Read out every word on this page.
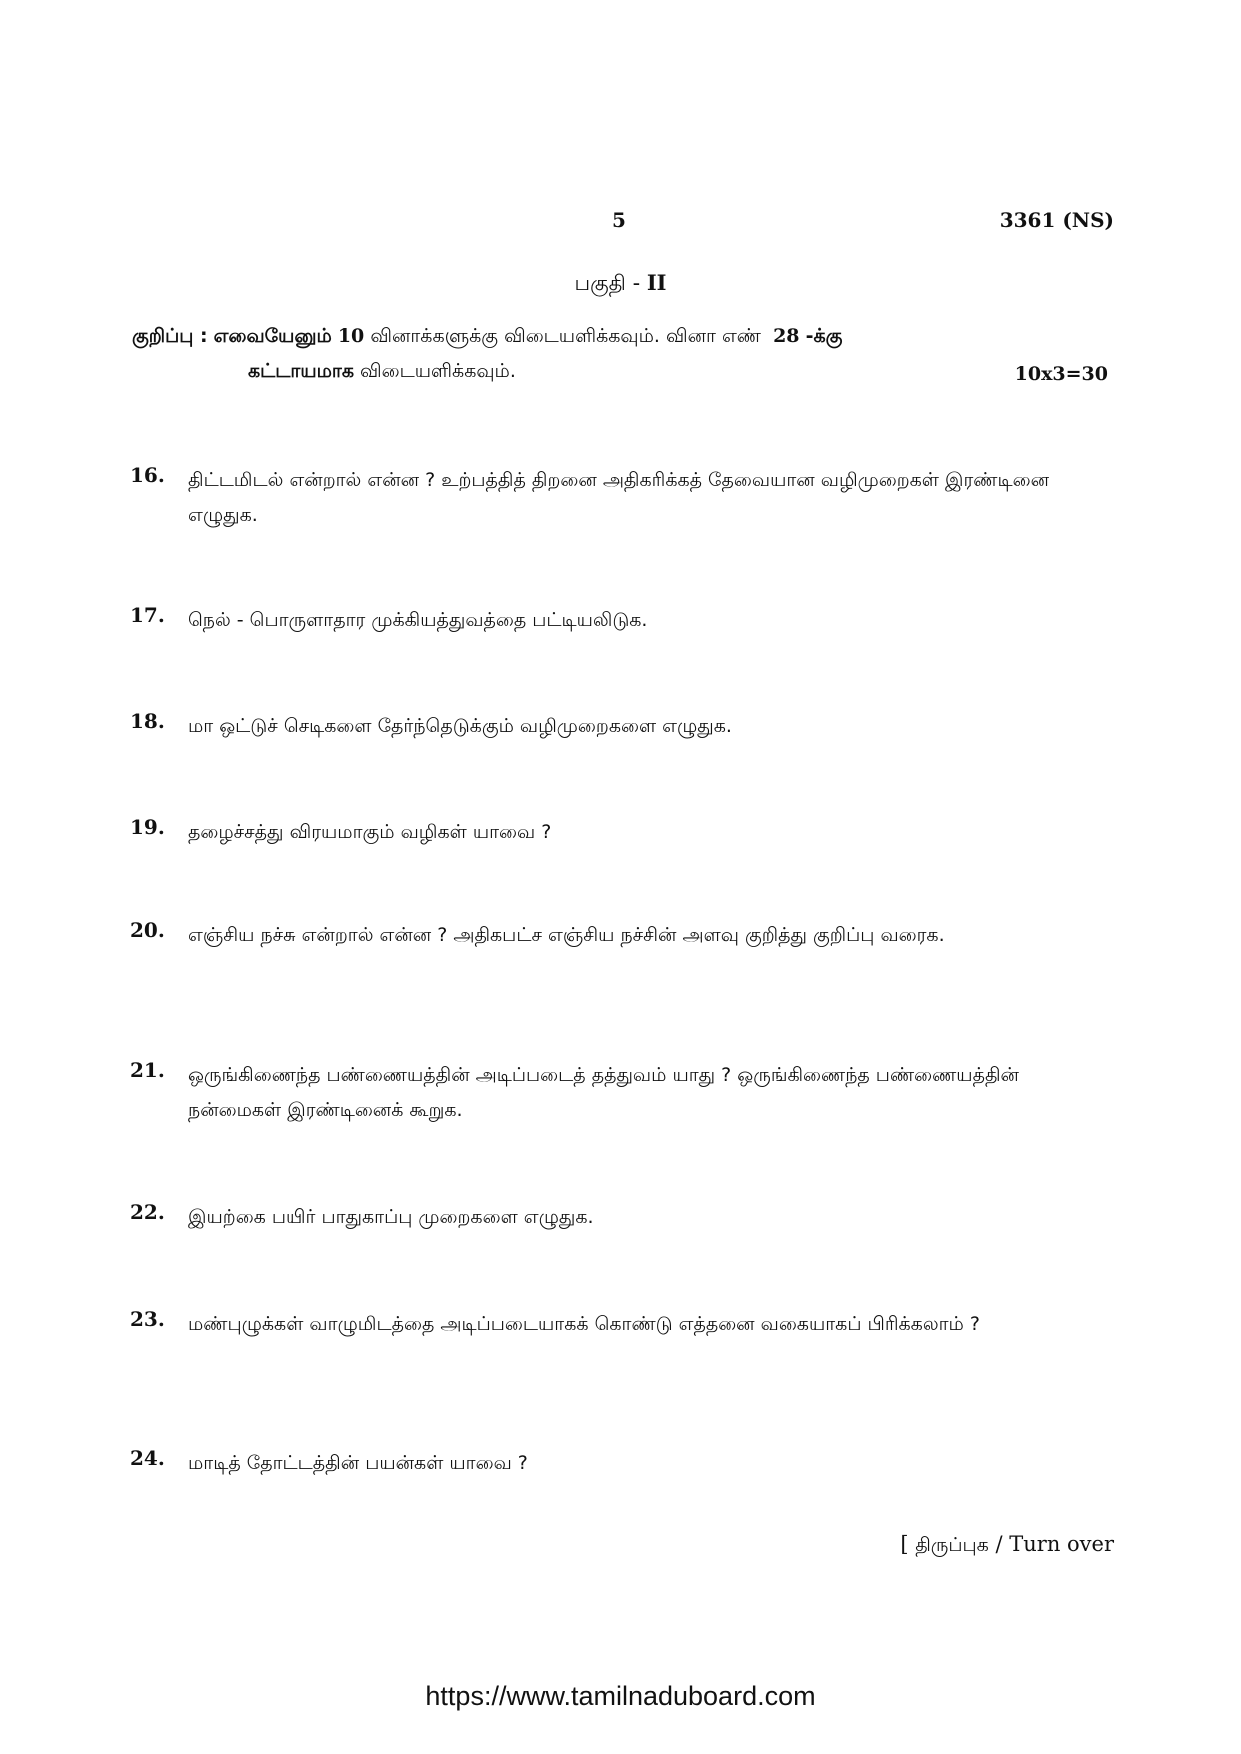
5	3361 (NS)
பகுதி - II
குறிப்பு : எவையேனும் 10 வினாக்களுக்கு விடையளிக்கவும். வினா எண் 28 -க்கு
கட்டாயமாக விடையளிக்கவும்.	10x3=30
16. திட்டமிடல் என்றால் என்ன ? உற்பத்தித் திறனை அதிகரிக்கத் தேவையான வழிமுறைகள் இரண்டினை எழுதுக.
17. நெல் - பொருளாதார முக்கியத்துவத்தை பட்டியலிடுக.
18. மா ஒட்டுச் செடிகளை தேர்ந்தெடுக்கும் வழிமுறைகளை எழுதுக.
19. தழைச்சத்து விரயமாகும் வழிகள் யாவை ?
20. எஞ்சிய நச்சு என்றால் என்ன ? அதிகபட்ச எஞ்சிய நச்சின் அளவு குறித்து குறிப்பு வரைக.
21. ஒருங்கிணைந்த பண்ணையத்தின் அடிப்படைத் தத்துவம் யாது ? ஒருங்கிணைந்த பண்ணையத்தின் நன்மைகள் இரண்டினைக் கூறுக.
22. இயற்கை பயிர் பாதுகாப்பு முறைகளை எழுதுக.
23. மண்புழுக்கள் வாழுமிடத்தை அடிப்படையாகக் கொண்டு எத்தனை வகையாகப் பிரிக்கலாம் ?
24. மாடித் தோட்டத்தின் பயன்கள் யாவை ?
[ திருப்புக / Turn over
https://www.tamilnaduboard.com
